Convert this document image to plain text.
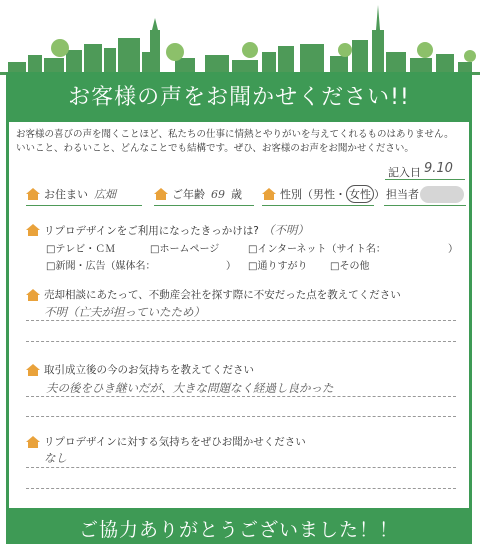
お客様の声をお聞かせください!!
お客様の喜びの声を聞くことほど、私たちの仕事に情熱とやりがいを与えてくれるものはありません。
いいこと、わるいこと、どんなことでも結構です。ぜひ、お客様のお声をお聞かせください。
記入日 9.10
お住まい 広畑	ご年齢 69 歳	性別（男性・ 女性 ） 担当者
リプロデザインをご利用になったきっかけは? （不明）
□テレビ・ＣＭ	□ホームページ	□インターネット（サイト名：	）
□新聞・広告（媒体名：	） □通りすがり □その他
売却相談にあたって、不動産会社を探す際に不安だった点を教えてください
不明（亡夫が担っていたため）
取引成立後の今のお気持ちを教えてください
夫の後をひき継いだが、大きな問題なく経過し良かった
リプロデザインに対する気持ちをぜひお聞かせください
なし
ご協力ありがとうございました！！
